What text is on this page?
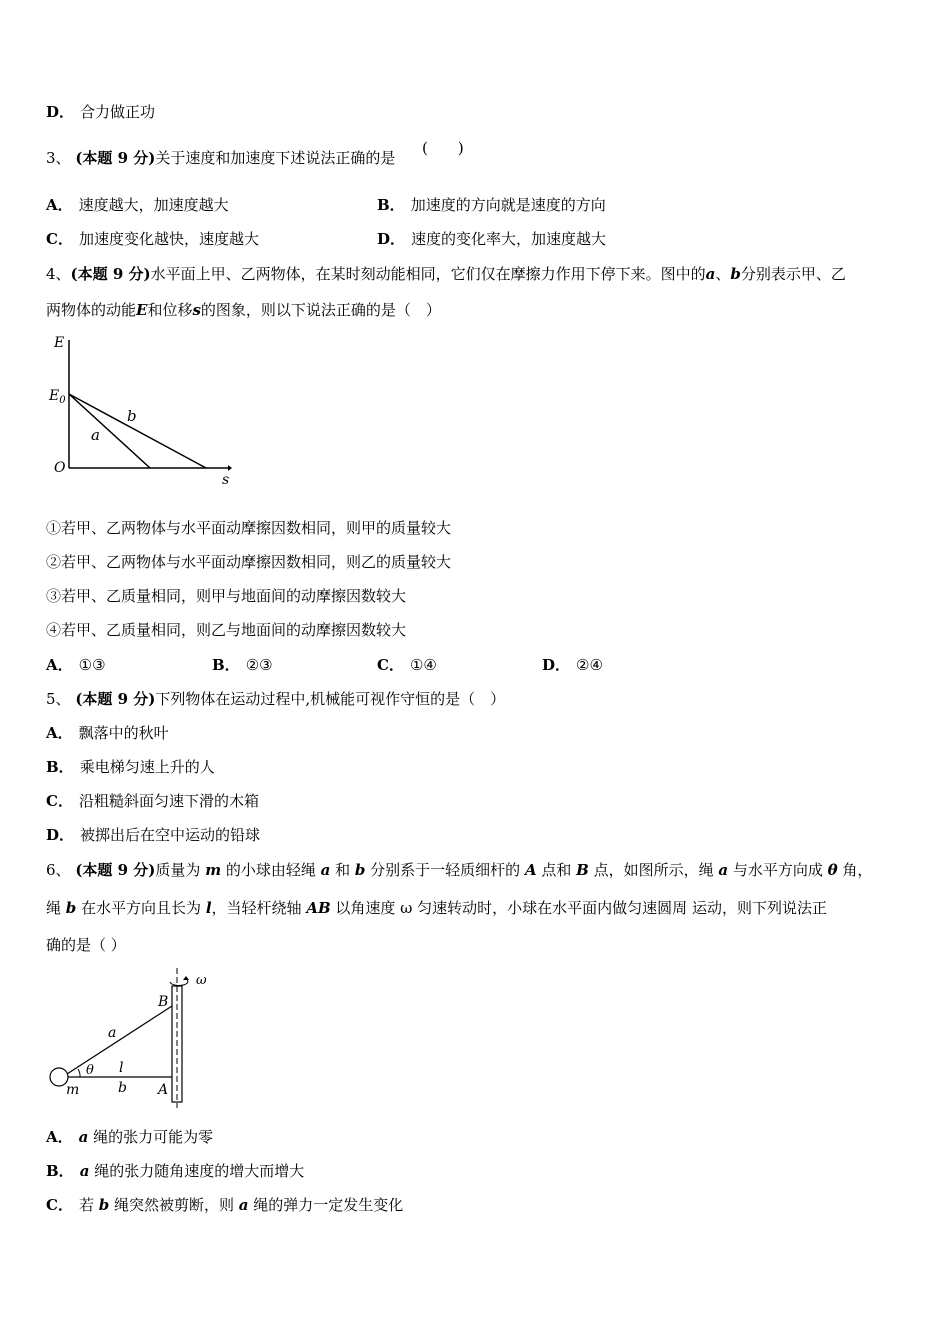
D． 合力做正功
3、 (本题 9 分)关于速度和加速度下述说法正确的是
(　　)
A． 速度越大，加速度越大	B． 加速度的方向就是速度的方向
C． 加速度变化越快，速度越大	D． 速度的变化率大，加速度越大
4、(本题 9 分)水平面上甲、乙两物体，在某时刻动能相同，它们仅在摩擦力作用下停下来。图中的a、b分别表示甲、乙
两物体的动能E和位移s的图象，则以下说法正确的是（　）
E
$E_0$
O
s
a
b
①若甲、乙两物体与水平面动摩擦因数相同，则甲的质量较大
②若甲、乙两物体与水平面动摩擦因数相同，则乙的质量较大
③若甲、乙质量相同，则甲与地面间的动摩擦因数较大
④若甲、乙质量相同，则乙与地面间的动摩擦因数较大
A． ①③	B． ②③	C． ①④	D． ②④
5、 (本题 9 分)下列物体在运动过程中,机械能可视作守恒的是（　）
A． 飘落中的秋叶
B． 乘电梯匀速上升的人
C． 沿粗糙斜面匀速下滑的木箱
D． 被掷出后在空中运动的铅球
6、 (本题 9 分)质量为 m 的小球由轻绳 a 和 b 分别系于一轻质细杆的 A 点和 B 点，如图所示，绳 a 与水平方向成 θ 角，
绳 b 在水平方向且长为 l，当轻杆绕轴 AB 以角速度 ω 匀速转动时，小球在水平面内做匀速圆周 运动，则下列说法正
确的是（ ）
ω
B
A
a
l
b
θ
m
A． a 绳的张力可能为零
B． a 绳的张力随角速度的增大而增大
C． 若 b 绳突然被剪断，则 a 绳的弹力一定发生变化
